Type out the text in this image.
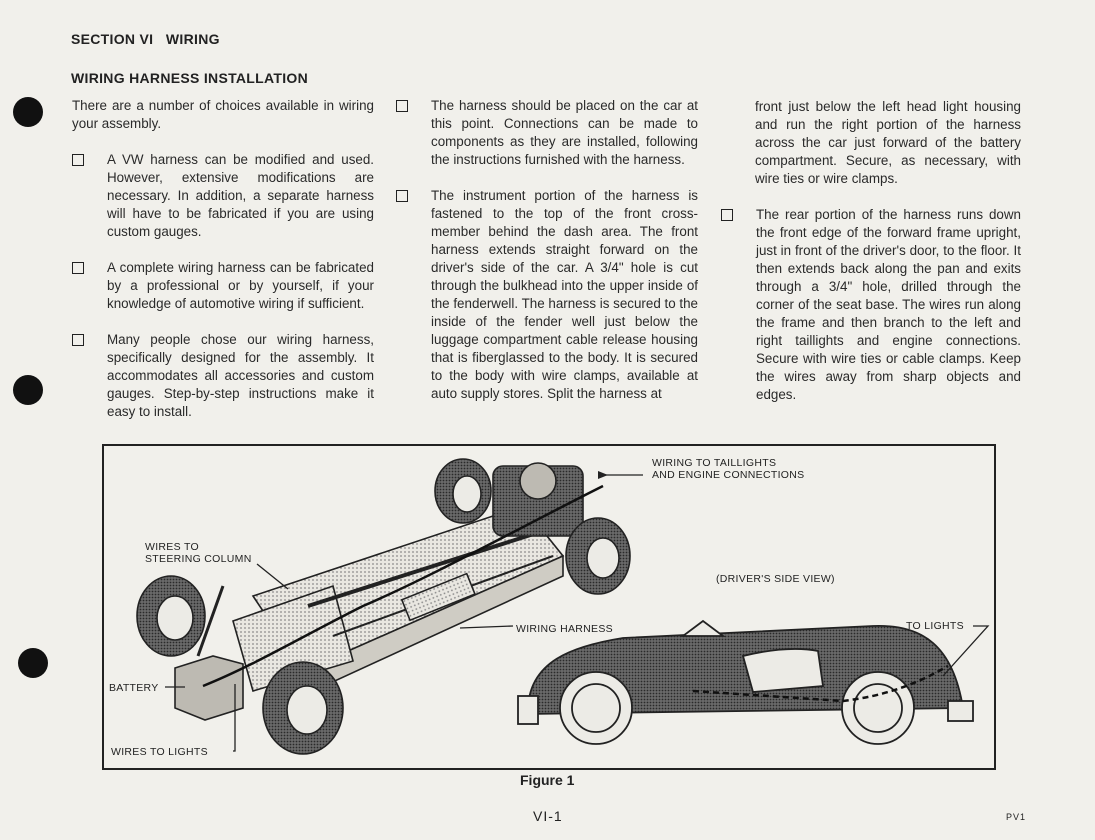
SECTION VI   WIRING
WIRING HARNESS INSTALLATION

There are a number of choices available in wiring your assembly.

A VW harness can be modified and used. However, extensive modifications are necessary. In addition, a separate harness will have to be fabricated if you are using custom gauges.
A complete wiring harness can be fabricated by a professional or by yourself, if your knowledge of automotive wiring if sufficient.
Many people chose our wiring harness, specifically designed for the assembly. It accommodates all accessories and custom gauges. Step-by-step instructions make it easy to install.
The harness should be placed on the car at this point. Connections can be made to components as they are installed, following the instructions furnished with the harness.
The instrument portion of the harness is fastened to the top of the front cross-member behind the dash area. The front harness extends straight forward on the driver's side of the car. A 3/4" hole is cut through the bulkhead into the upper inside of the fenderwell. The harness is secured to the inside of the fender well just below the luggage compartment cable release housing that is fiberglassed to the body. It is secured to the body with wire clamps, available at auto supply stores. Split the harness at

front just below the left head light housing and run the right portion of the harness across the car just forward of the battery compartment. Secure, as necessary, with wire ties or wire clamps.

The rear portion of the harness runs down the front edge of the forward frame upright, just in front of the driver's door, to the floor. It then extends back along the pan and exits through a 3/4" hole, drilled through the corner of the seat base. The wires run along the frame and then branch to the left and right taillights and engine connections. Secure with wire ties or cable clamps. Keep the wires away from sharp objects and edges.
WIRING TO TAILLIGHTS
AND ENGINE CONNECTIONS
WIRES TO
STEERING COLUMN
WIRING HARNESS
BATTERY
WIRES TO LIGHTS
(DRIVER'S SIDE VIEW)
TO LIGHTS
Figure 1
VI-1	PV1
